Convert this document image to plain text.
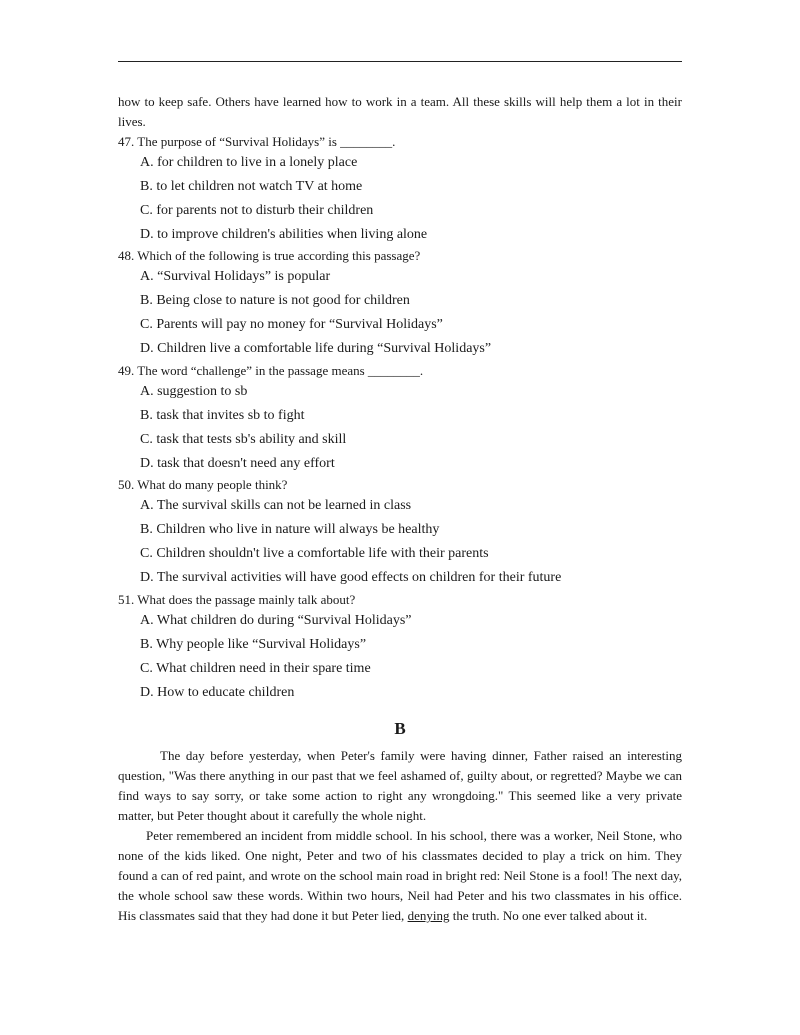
how to keep safe. Others have learned how to work in a team. All these skills will help them a lot in their lives.

47. The purpose of “Survival Holidays” is ________.

A. for children to live in a lonely place

B. to let children not watch TV at home

C. for parents not to disturb their children

D. to improve children's abilities when living alone

48. Which of the following is true according this passage?

A. “Survival Holidays” is popular

B. Being close to nature is not good for children

C. Parents will pay no money for “Survival Holidays”

D. Children live a comfortable life during “Survival Holidays”

49. The word “challenge” in the passage means ________.

A. suggestion to sb

B. task that invites sb to fight

C. task that tests sb's ability and skill

D. task that doesn't need any effort

50. What do many people think?

A. The survival skills can not be learned in class

B. Children who live in nature will always be healthy

C. Children shouldn't live a comfortable life with their parents

D. The survival activities will have good effects on children for their future

51. What does the passage mainly talk about?

A. What children do during “Survival Holidays”

B. Why people like “Survival Holidays”

C. What children need in their spare time

D. How to educate children

B

The day before yesterday, when Peter's family were having dinner, Father raised an interesting question, "Was there anything in our past that we feel ashamed of, guilty about, or regretted? Maybe we can find ways to say sorry, or take some action to right any wrongdoing." This seemed like a very private matter, but Peter thought about it carefully the whole night.

Peter remembered an incident from middle school. In his school, there was a worker, Neil Stone, who none of the kids liked. One night, Peter and two of his classmates decided to play a trick on him. They found a can of red paint, and wrote on the school main road in bright red: Neil Stone is a fool! The next day, the whole school saw these words. Within two hours, Neil had Peter and his two classmates in his office. His classmates said that they had done it but Peter lied, denying the truth. No one ever talked about it.
